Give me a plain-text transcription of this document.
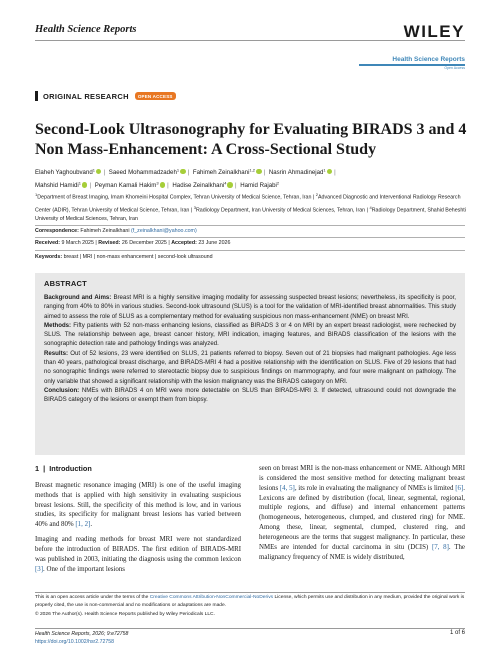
Health Science Reports	WILEY
Health Science Reports
Open Access
ORIGINAL RESEARCH	OPEN ACCESS
Second-Look Ultrasonography for Evaluating BIRADS 3 and 4 Non Mass-Enhancement: A Cross-Sectional Study
Elaheh Yaghoubvand$^1$ | Saeed Mohammadzadeh$^1$ | Fahimeh Zeinalkhani$^{1,2}$ | Nasrin Ahmadinejad$^1$ |
Mahshid Hamidi$^1$ | Peyman Kamali Hakim$^3$ | Hadise Zeinalkhani$^4$ | Hamid Rajabi$^2$
$^1$Department of Breast Imaging, Imam Khomeini Hospital Complex, Tehran University of Medical Science, Tehran, Iran | $^2$Advanced Diagnostic and Interventional Radiology Research Center (ADIR), Tehran University of Medical Science, Tehran, Iran | $^3$Radiology Department, Iran University of Medical Sciences, Tehran, Iran | $^4$Radiology Department, Shahid Beheshti University of Medical Sciences, Tehran, Iran
Correspondence: Fahimeh Zeinalkhani (f_zeinalkhani@yahoo.com)
Received: 9 March 2025 | Revised: 26 December 2025 | Accepted: 23 June 2026
Keywords: breast | MRI | non-mass enhancement | second-look ultrasound
ABSTRACT

Background and Aims: Breast MRI is a highly sensitive imaging modality for assessing suspected breast lesions; nevertheless, its specificity is poor, ranging from 40% to 80% in various studies. Second-look ultrasound (SLUS) is a tool for the validation of MRI-identified breast abnormalities. This study aimed to assess the role of SLUS as a complementary method for evaluating suspicious non mass-enhancement (NME) on breast MRI.

Methods: Fifty patients with 52 non-mass enhancing lesions, classified as BIRADS 3 or 4 on MRI by an expert breast radiologist, were rechecked by SLUS. The relationship between age, breast cancer history, MRI indication, imaging features, and BIRADS classification of the lesions with the sonographic detection rate and pathology findings was analyzed.

Results: Out of 52 lesions, 23 were identified on SLUS, 21 patients referred to biopsy. Seven out of 21 biopsies had malignant pathologies. Age less than 40 years, pathological breast discharge, and BIRADS-MRI 4 had a positive relationship with the identification on SLUS. Five of 29 lesions that had no sonographic findings were referred to stereotactic biopsy due to suspicious findings on mammography, and four were malignant on pathology. The only variable that showed a significant relationship with the lesion malignancy was the BIRADS category on MRI.

Conclusion: NMEs with BIRADS 4 on MRI were more detectable on SLUS than BIRADS-MRI 3. If detected, ultrasound could not downgrade the BIRADS category of the lesions or exempt them from biopsy.

1  |  Introduction

Breast magnetic resonance imaging (MRI) is one of the useful imaging methods that is applied with high sensitivity in evaluating suspicious breast lesions. Still, the specificity of this method is low, and in various studies, its specificity for malignant breast lesions has varied between 40% and 80% [1, 2].

Imaging and reading methods for breast MRI were not standardized before the introduction of BIRADS. The first edition of BIRADS-MRI was published in 2003, initiating the diagnosis using the common lexicon [3]. One of the important lesions

seen on breast MRI is the non-mass enhancement or NME. Although MRI is considered the most sensitive method for detecting malignant breast lesions [4, 5], its role in evaluating the malignancy of NMEs is limited [6]. Lexicons are defined by distribution (focal, linear, segmental, regional, multiple regions, and diffuse) and internal enhancement patterns (homogeneous, heterogeneous, clumped, and clustered ring) for NME. Among these, linear, segmental, clumped, clustered ring, and heterogeneous are the terms that suggest malignancy. In particular, these NMEs are intended for ductal carcinoma in situ (DCIS) [7, 8]. The malignancy frequency of NME is widely distributed,

This is an open access article under the terms of the Creative Commons Attribution-NonCommercial-NoDerivs License, which permits use and distribution in any medium, provided the original work is properly cited, the use is non-commercial and no modifications or adaptations are made.
© 2026 The Author(s). Health Science Reports published by Wiley Periodicals LLC.
Health Science Reports, 2026; 9:e72758
https://doi.org/10.1002/hsr2.72758
1 of 6
